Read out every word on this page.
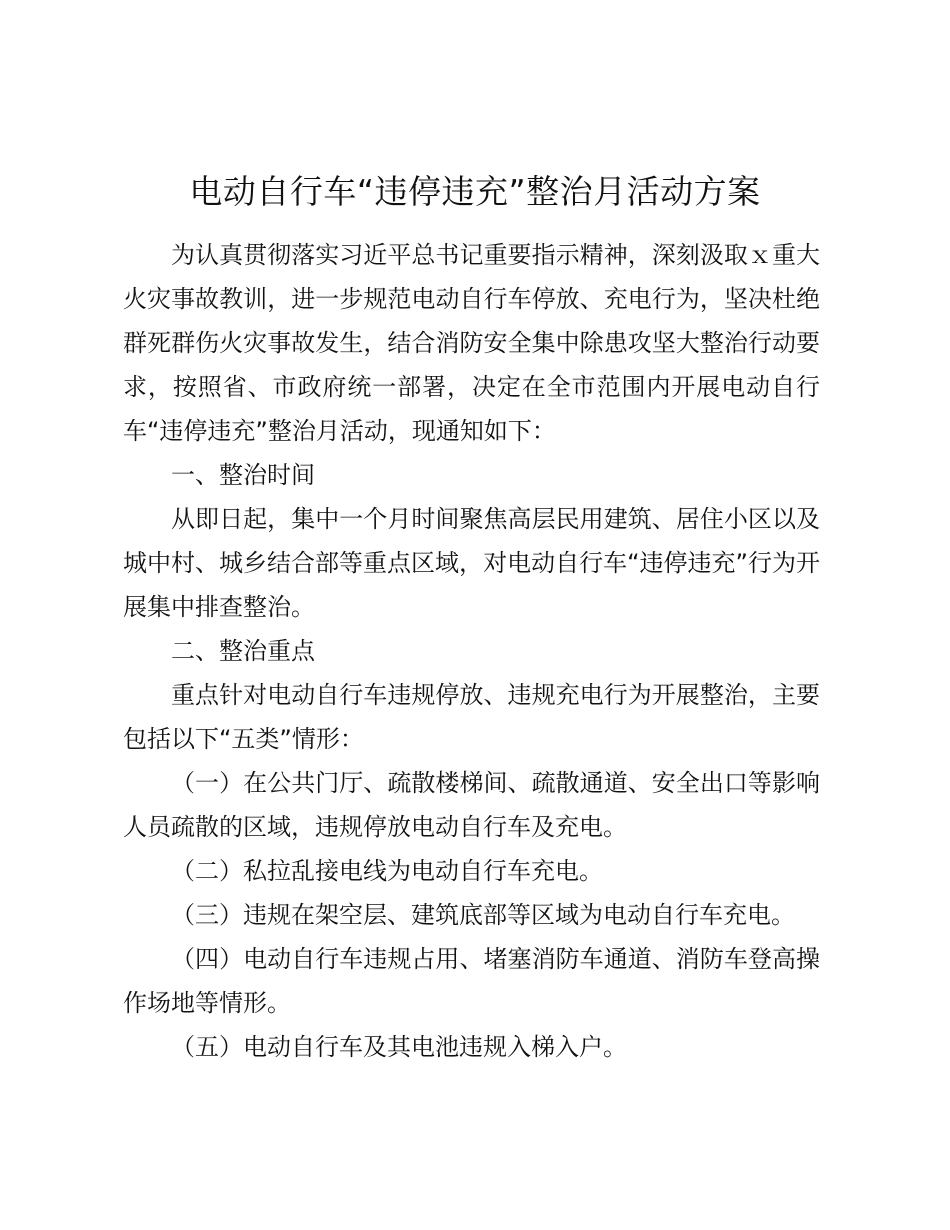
电动自行车“违停违充”整治月活动方案

为认真贯彻落实习近平总书记重要指示精神，深刻汲取ｘ重大火灾事故教训，进一步规范电动自行车停放、充电行为，坚决杜绝群死群伤火灾事故发生，结合消防安全集中除患攻坚大整治行动要求，按照省、市政府统一部署，决定在全市范围内开展电动自行车“违停违充”整治月活动，现通知如下：

一、整治时间

从即日起，集中一个月时间聚焦高层民用建筑、居住小区以及城中村、城乡结合部等重点区域，对电动自行车“违停违充”行为开展集中排查整治。

二、整治重点

重点针对电动自行车违规停放、违规充电行为开展整治，主要包括以下“五类”情形：

（一）在公共门厅、疏散楼梯间、疏散通道、安全出口等影响人员疏散的区域，违规停放电动自行车及充电。

（二）私拉乱接电线为电动自行车充电。

（三）违规在架空层、建筑底部等区域为电动自行车充电。

（四）电动自行车违规占用、堵塞消防车通道、消防车登高操作场地等情形。

（五）电动自行车及其电池违规入梯入户。
